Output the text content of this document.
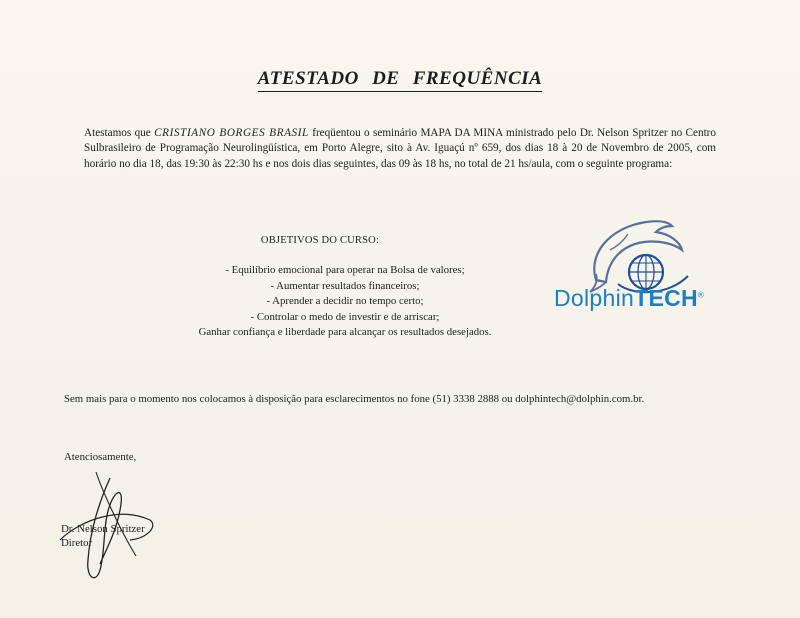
ATESTADO DE FREQUÊNCIA
Atestamos que CRISTIANO BORGES BRASIL freqüentou o seminário MAPA DA MINA ministrado pelo Dr. Nelson Spritzer no Centro Sulbrasileiro de Programação Neurolingüística, em Porto Alegre, sito à Av. Iguaçú nº 659, dos dias 18 à 20 de Novembro de 2005, com horário no dia 18, das 19:30 às 22:30 hs e nos dois dias seguintes, das 09 às 18 hs, no total de 21 hs/aula, com o seguinte programa:
OBJETIVOS DO CURSO:
- Equilíbrio emocional para operar na Bolsa de valores;
- Aumentar resultados financeiros;
- Aprender a decidir no tempo certo;
- Controlar o medo de investir e de arriscar;
Ganhar confiança e liberdade para alcançar os resultados desejados.
DolphinTECH®
Sem mais para o momento nos colocamos à disposição para esclarecimentos no fone (51) 3338 2888 ou dolphintech@dolphin.com.br.
Atenciosamente,
Dr. Nelson Spritzer
Diretor
